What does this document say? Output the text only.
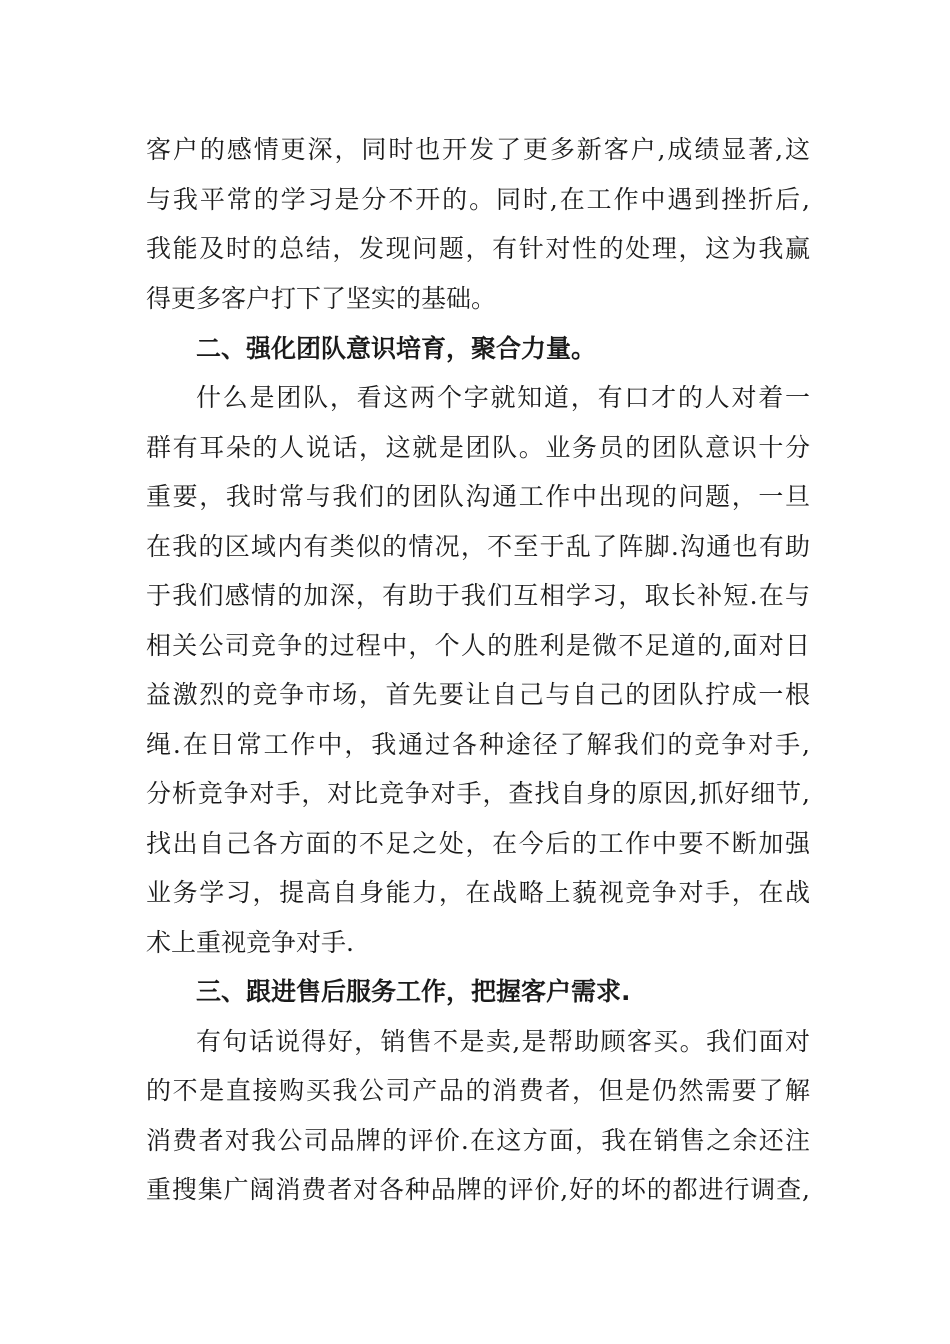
客户的感情更深，同时也开发了更多新客户,成绩显著,这
与我平常的学习是分不开的。同时,在工作中遇到挫折后,
我能及时的总结，发现问题，有针对性的处理，这为我赢
得更多客户打下了坚实的基础。
二、强化团队意识培育，聚合力量。
什么是团队，看这两个字就知道，有口才的人对着一
群有耳朵的人说话，这就是团队。业务员的团队意识十分
重要，我时常与我们的团队沟通工作中出现的问题，一旦
在我的区域内有类似的情况，不至于乱了阵脚.沟通也有助
于我们感情的加深，有助于我们互相学习，取长补短.在与
相关公司竞争的过程中，个人的胜利是微不足道的,面对日
益激烈的竞争市场，首先要让自己与自己的团队拧成一根
绳.在日常工作中，我通过各种途径了解我们的竞争对手,
分析竞争对手，对比竞争对手，查找自身的原因,抓好细节,
找出自己各方面的不足之处，在今后的工作中要不断加强
业务学习，提高自身能力，在战略上藐视竞争对手，在战
术上重视竞争对手.
三、跟进售后服务工作，把握客户需求.
有句话说得好，销售不是卖,是帮助顾客买。我们面对
的不是直接购买我公司产品的消费者，但是仍然需要了解
消费者对我公司品牌的评价.在这方面，我在销售之余还注
重搜集广阔消费者对各种品牌的评价,好的坏的都进行调查,
